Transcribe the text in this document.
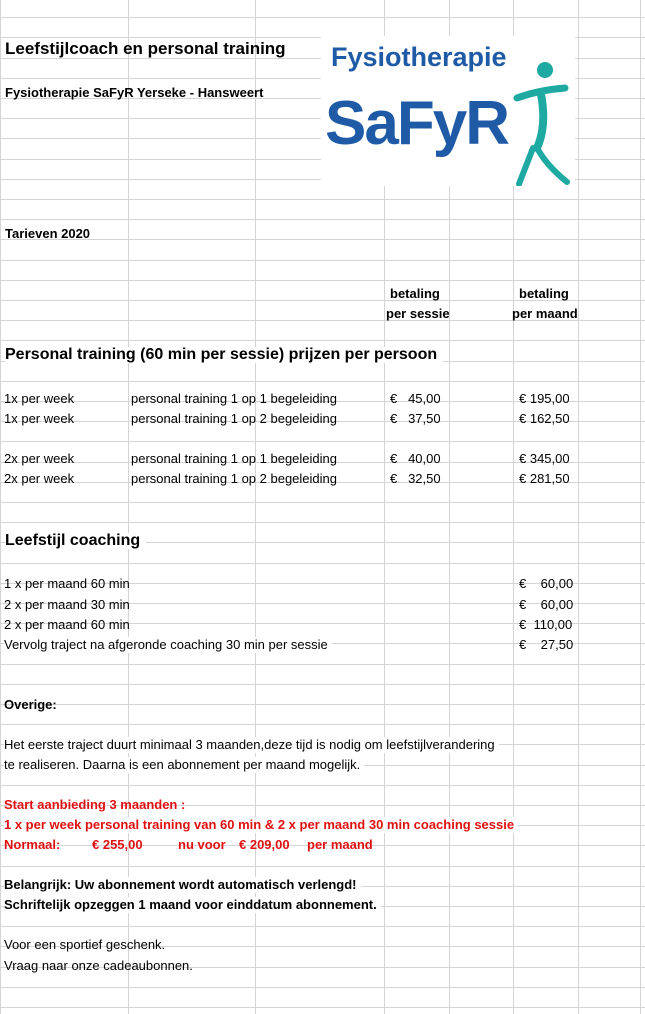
Leefstijlcoach en personal training
Fysiotherapie SaFyR Yerseke - Hansweert
Fysiotherapie
SaFyR
Tarieven 2020
betaling
per sessie
betaling
per maand
Personal training (60 min per sessie) prijzen per persoon
1x per week	personal training 1 op 1 begeleiding	€   45,00	€ 195,00
1x per week	personal training 1 op 2 begeleiding	€   37,50	€ 162,50
2x per week	personal training 1 op 1 begeleiding	€   40,00	€ 345,00
2x per week	personal training 1 op 2 begeleiding	€   32,50	€ 281,50
Leefstijl coaching
1 x per maand 60 min	€    60,00
2 x per maand 30 min	€    60,00
2 x per maand 60 min	€  110,00
Vervolg traject na afgeronde coaching 30 min per sessie	€    27,50
Overige:
Het eerste traject duurt minimaal 3 maanden,deze tijd is nodig om leefstijlverandering
te realiseren. Daarna is een abonnement per maand mogelijk.
Start aanbieding 3 maanden :
1 x per week personal training van 60 min & 2 x per maand 30 min coaching sessie
Normaal: € 255,00	nu voor € 209,00 per maand
Belangrijk: Uw abonnement wordt automatisch verlengd!
Schriftelijk opzeggen 1 maand voor einddatum abonnement.
Voor een sportief geschenk.
Vraag naar onze cadeaubonnen.
